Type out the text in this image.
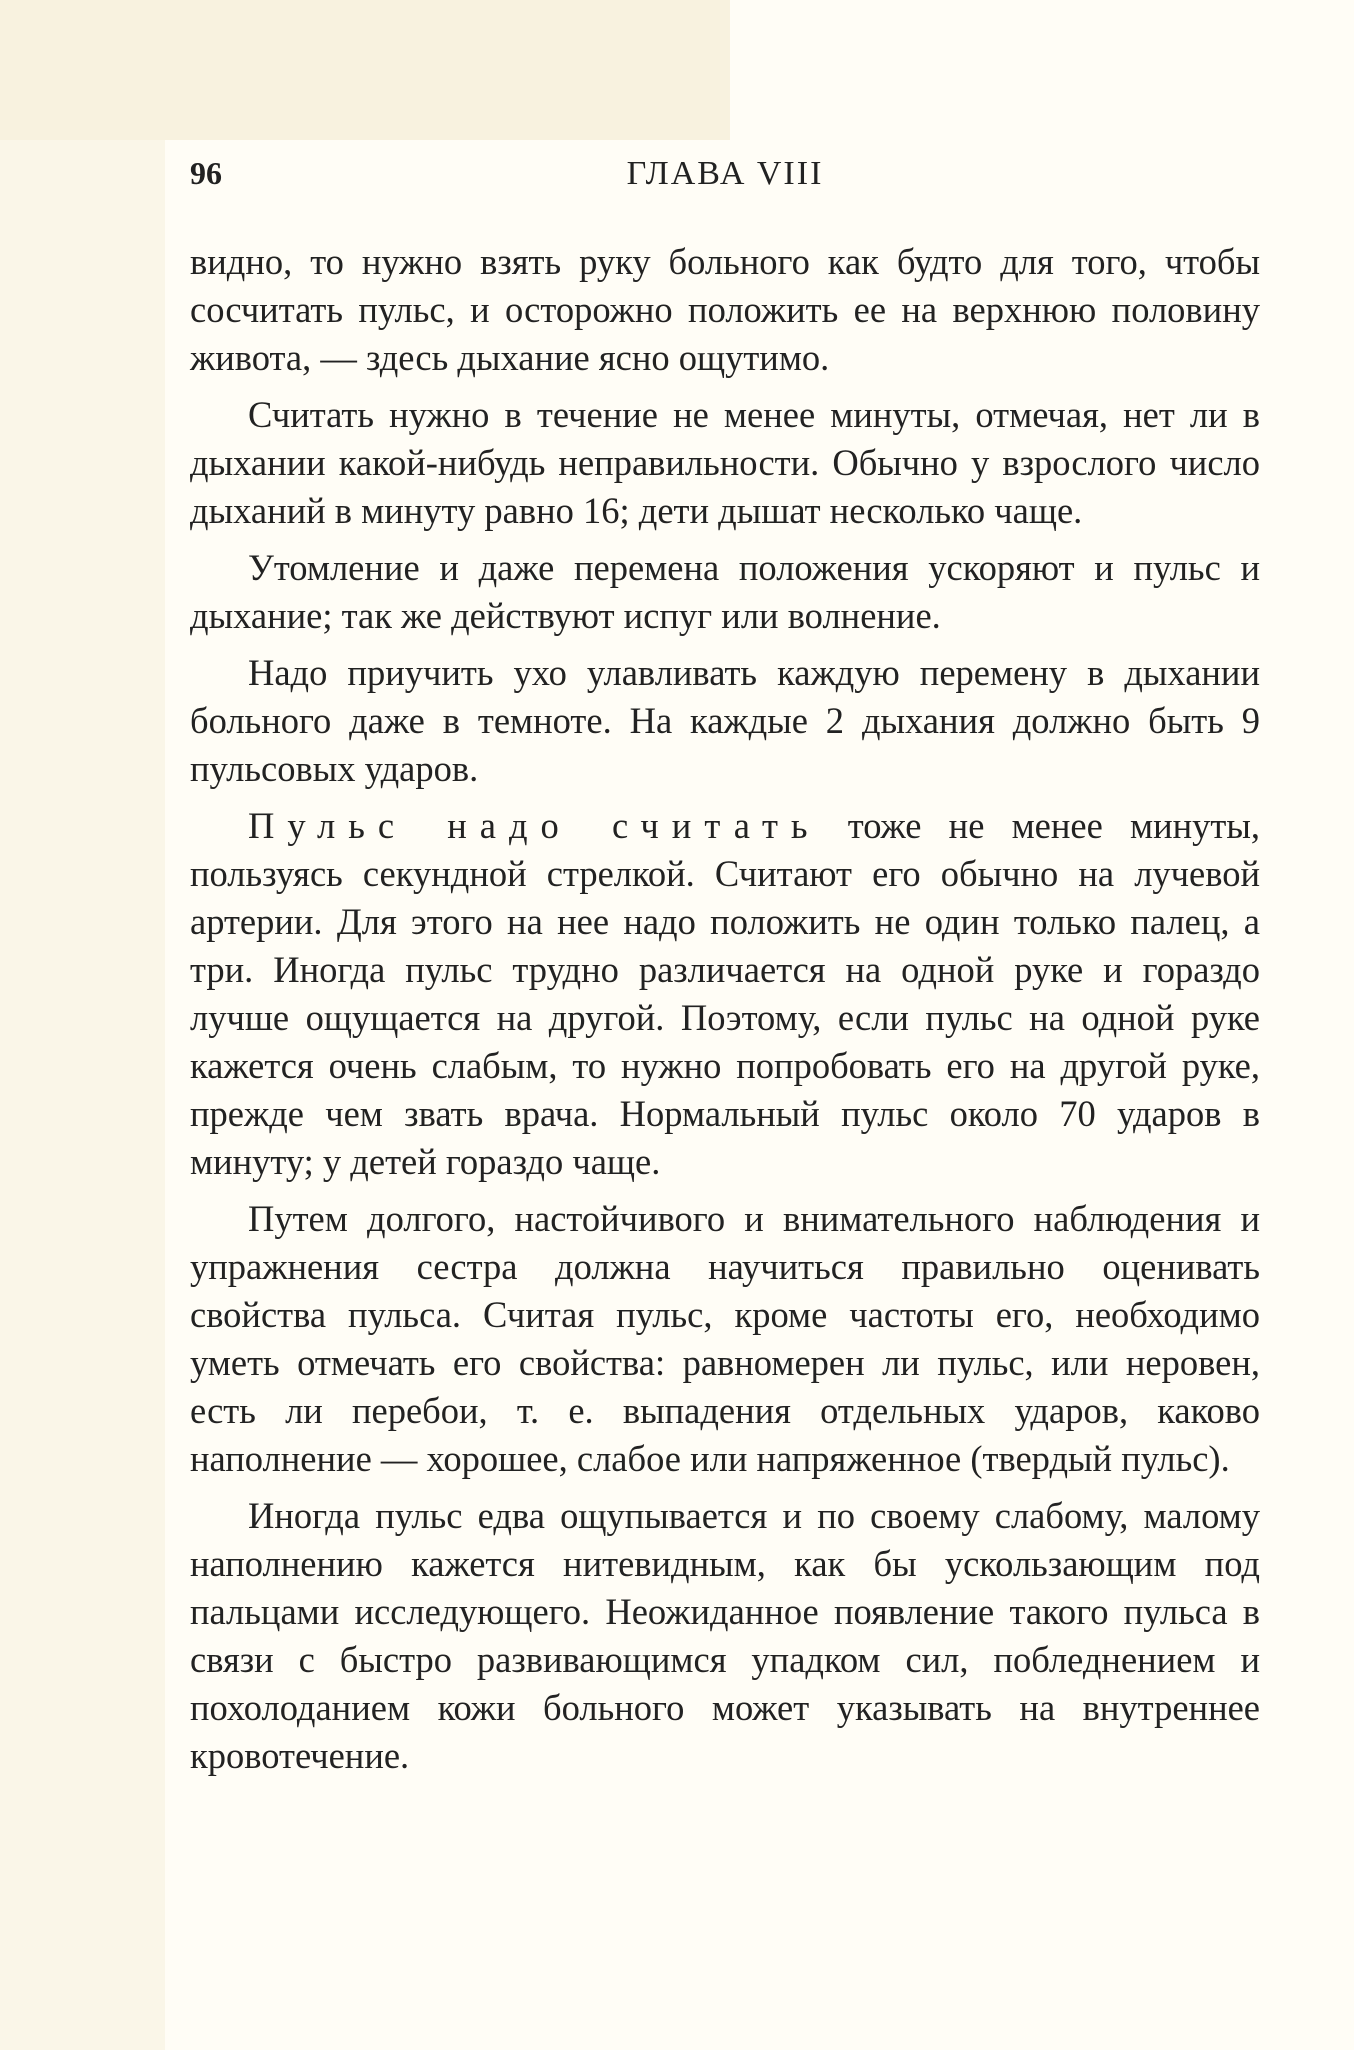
96	ГЛАВА VIII

видно, то нужно взять руку больного как будто для того, чтобы сосчитать пульс, и осторожно положить ее на верхнюю половину живота, — здесь дыхание ясно ощутимо.

Считать нужно в течение не менее минуты, отмечая, нет ли в дыхании какой-нибудь неправильности. Обычно у взрослого число дыханий в минуту равно 16; дети дышат несколько чаще.

Утомление и даже перемена положения ускоряют и пульс и дыхание; так же действуют испуг или волнение.

Надо приучить ухо улавливать каждую перемену в дыхании больного даже в темноте. На каждые 2 дыхания должно быть 9 пульсовых ударов.

Пульс надо считать тоже не менее минуты, пользуясь секундной стрелкой. Считают его обычно на лучевой артерии. Для этого на нее надо положить не один только палец, а три. Иногда пульс трудно различается на одной руке и гораздо лучше ощущается на другой. Поэтому, если пульс на одной руке кажется очень слабым, то нужно попробовать его на другой руке, прежде чем звать врача. Нормальный пульс около 70 ударов в минуту; у детей гораздо чаще.

Путем долгого, настойчивого и внимательного наблюдения и упражнения сестра должна научиться правильно оценивать свойства пульса. Считая пульс, кроме частоты его, необходимо уметь отмечать его свойства: равномерен ли пульс, или неровен, есть ли перебои, т. е. выпадения отдельных ударов, каково наполнение — хорошее, слабое или напряженное (твердый пульс).

Иногда пульс едва ощупывается и по своему слабому, малому наполнению кажется нитевидным, как бы ускользающим под пальцами исследующего. Неожиданное появление такого пульса в связи с быстро развивающимся упадком сил, побледнением и похолоданием кожи больного может указывать на внутреннее кровотечение.
